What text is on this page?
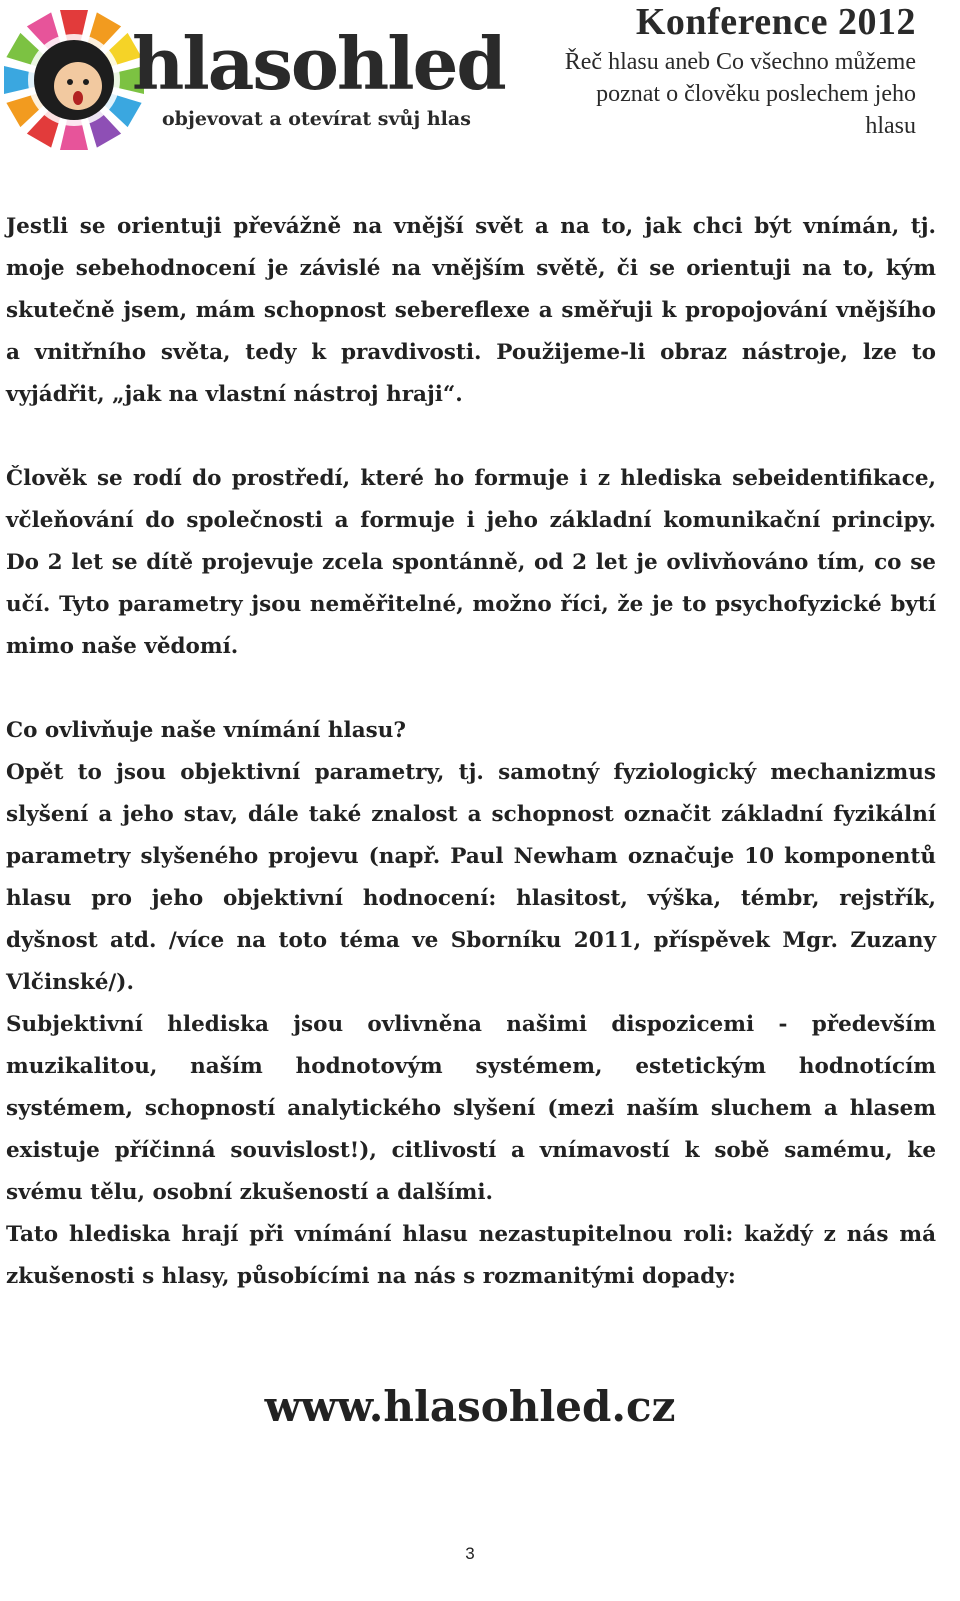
hlasohled
objevovat a otevírat svůj hlas
Konference 2012
Řeč hlasu aneb Co všechno můžeme
poznat o člověku poslechem jeho
hlasu

Jestli se orientuji převážně na vnější svět a na to, jak chci být vnímán, tj. moje sebehodnocení je závislé na vnějším světě, či se orientuji na to, kým skutečně jsem, mám schopnost sebereflexe a směřuji k propojování vnějšího a vnitřního světa, tedy k pravdivosti. Použijeme-li obraz nástroje, lze to vyjádřit, „jak na vlastní nástroj hraji“.

Člověk se rodí do prostředí, které ho formuje i z hlediska sebeidentifikace, včleňování do společnosti a formuje i jeho základní komunikační principy. Do 2 let se dítě projevuje zcela spontánně, od 2 let je ovlivňováno tím, co se učí. Tyto parametry jsou neměřitelné, možno říci, že je to psychofyzické bytí mimo naše vědomí.

Co ovlivňuje naše vnímání hlasu?

Opět to jsou objektivní parametry, tj. samotný fyziologický mechanizmus slyšení a jeho stav, dále také znalost a schopnost označit základní fyzikální parametry slyšeného projevu (např. Paul Newham označuje 10 komponentů hlasu pro jeho objektivní hodnocení: hlasitost, výška, témbr, rejstřík, dyšnost atd. /více na toto téma ve Sborníku 2011, příspěvek Mgr. Zuzany Vlčinské/).

Subjektivní hlediska jsou ovlivněna našimi dispozicemi - především muzikalitou, naším hodnotovým systémem, estetickým hodnotícím systémem, schopností analytického slyšení (mezi naším sluchem a hlasem existuje příčinná souvislost!), citlivostí a vnímavostí k sobě samému, ke svému tělu, osobní zkušeností a dalšími.

Tato hlediska hrají při vnímání hlasu nezastupitelnou roli: každý z nás má zkušenosti s hlasy, působícími na nás s rozmanitými dopady:

www.hlasohled.cz
3
